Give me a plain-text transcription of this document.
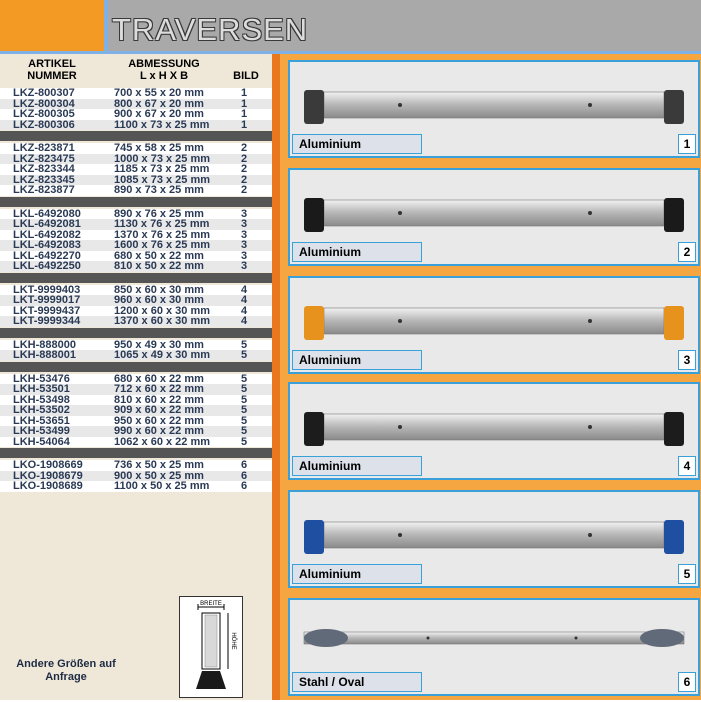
TRAVERSEN
ARTIKEL
NUMMER
ABMESSUNG
L x H X B	BILD
LKZ-800307	700 x 55 x 20 mm	1
LKZ-800304	800 x 67 x 20 mm	1
LKZ-800305	900 x 67 x 20 mm	1
LKZ-800306	1100 x 73 x 25 mm	1
LKZ-823871	745 x 58 x 25 mm	2
LKZ-823475	1000 x 73 x 25 mm	2
LKZ-823344	1185 x 73 x 25 mm	2
LKZ-823345	1085 x 73 x 25 mm	2
LKZ-823877	890 x 73 x 25 mm	2
LKL-6492080	890 x 76 x 25 mm	3
LKL-6492081	1130 x 76 x 25 mm	3
LKL-6492082	1370 x 76 x 25 mm	3
LKL-6492083	1600 x 76 x 25 mm	3
LKL-6492270	680 x 50 x 22 mm	3
LKL-6492250	810 x 50 x 22 mm	3
LKT-9999403	850 x 60 x 30 mm	4
LKT-9999017	960 x 60 x 30 mm	4
LKT-9999437	1200 x 60 x 30 mm	4
LKT-9999344	1370 x 60 x 30 mm	4
LKH-888000	950 x 49 x 30 mm	5
LKH-888001	1065 x 49 x 30 mm	5
LKH-53476	680 x 60 x 22 mm	5
LKH-53501	712 x 60 x 22 mm	5
LKH-53498	810 x 60 x 22 mm	5
LKH-53502	909 x 60 x 22 mm	5
LKH-53651	950 x 60 x 22 mm	5
LKH-53499	990 x 60 x 22 mm	5
LKH-54064	1062 x 60 x 22 mm	5
LKO-1908669	736 x 50 x 25 mm	6
LKO-1908679	900 x 50 x 25 mm	6
LKO-1908689	1100 x 50 x 25 mm	6
Andere Größen auf Anfrage
BREITE
HÖHE
Aluminium	1
Aluminium	2
Aluminium	3
Aluminium	4
Aluminium	5
Stahl / Oval	6
